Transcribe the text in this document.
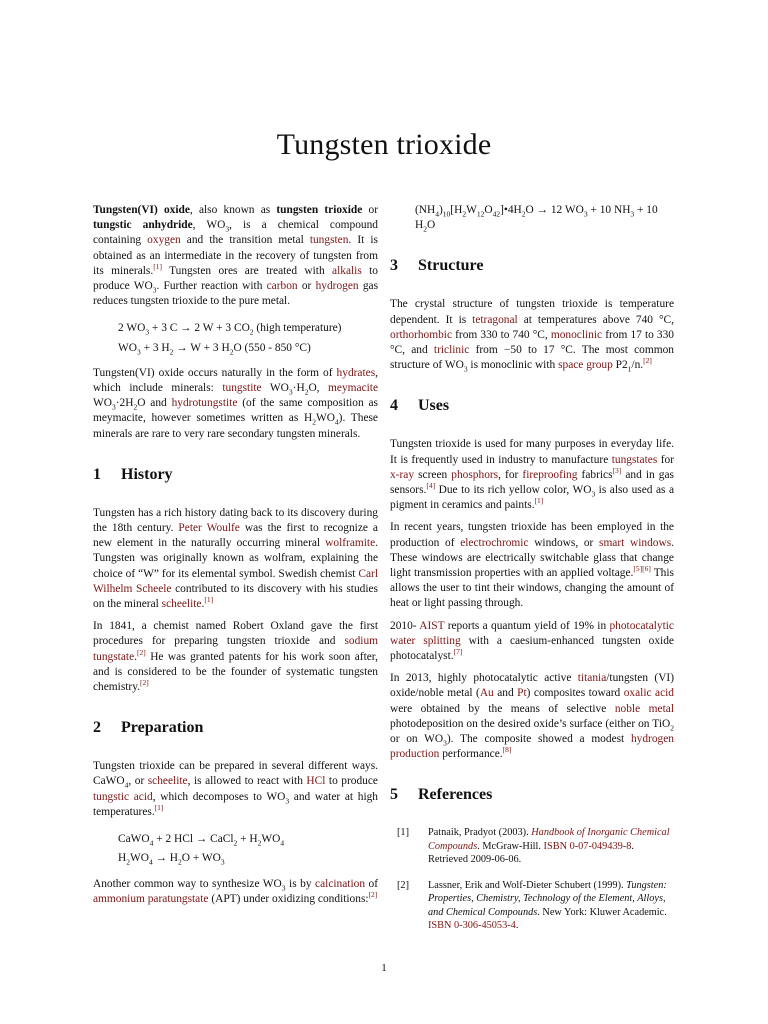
Tungsten trioxide

Tungsten(VI) oxide, also known as tungsten trioxide or tungstic anhydride, $WO_3$, is a chemical compound containing oxygen and the transition metal tungsten. It is obtained as an intermediate in the recovery of tungsten from its minerals.[1] Tungsten ores are treated with alkalis to produce $WO_3$. Further reaction with carbon or hydrogen gas reduces tungsten trioxide to the pure metal.

2 $WO_3 + 3$ C → 2 W + 3 $CO_2$ (high temperature)
$WO_3 + 3$ $H_2 \to W + 3$ $H_2O$ (550 - 850 °C)

Tungsten(VI) oxide occurs naturally in the form of hydrates, which include minerals: tungstite $WO_3\cdot H_2O$, meymacite $WO_3\cdot 2H_2O$ and hydrotungstite (of the same composition as meymacite, however sometimes written as $H_2WO_4$). These minerals are rare to very rare secondary tungsten minerals.

1 History

Tungsten has a rich history dating back to its discovery during the 18th century. Peter Woulfe was the first to recognize a new element in the naturally occurring mineral wolframite. Tungsten was originally known as wolfram, explaining the choice of “W” for its elemental symbol. Swedish chemist Carl Wilhelm Scheele contributed to its discovery with his studies on the mineral scheelite.[1]

In 1841, a chemist named Robert Oxland gave the first procedures for preparing tungsten trioxide and sodium tungstate.[2] He was granted patents for his work soon after, and is considered to be the founder of systematic tungsten chemistry.[2]

2 Preparation

Tungsten trioxide can be prepared in several different ways. CaWO$_4$, or scheelite, is allowed to react with HCl to produce tungstic acid, which decomposes to $WO_3$ and water at high temperatures.[1]

CaWO$_4$ + 2 HCl → CaCl$_2$ + $H_2WO_4$
$H_2WO_4 \to H_2O + WO_3$

Another common way to synthesize $WO_3$ is by calcination of ammonium paratungstate (APT) under oxidizing conditions:[2]

$(NH_4)_{10}[H_2W_{12}O_{42}]•4H_2O \to 12$ $WO_3 + 10$ $NH_3 + 10$ $H_2O$
3 Structure

The crystal structure of tungsten trioxide is temperature dependent. It is tetragonal at temperatures above 740 °C, orthorhombic from 330 to 740 °C, monoclinic from 17 to 330 °C, and triclinic from −50 to 17 °C. The most common structure of $WO_3$ is monoclinic with space group $P2_1/n.[2]$

4 Uses

Tungsten trioxide is used for many purposes in everyday life. It is frequently used in industry to manufacture tungstates for x-ray screen phosphors, for fireproofing fabrics[3] and in gas sensors.[4] Due to its rich yellow color, $WO_3$ is also used as a pigment in ceramics and paints.[1]

In recent years, tungsten trioxide has been employed in the production of electrochromic windows, or smart windows. These windows are electrically switchable glass that change light transmission properties with an applied voltage.[5][6] This allows the user to tint their windows, changing the amount of heat or light passing through.

2010- AIST reports a quantum yield of 19% in photocatalytic water splitting with a caesium-enhanced tungsten oxide photocatalyst.[7]

In 2013, highly photocatalytic active titania/tungsten (VI) oxide/noble metal (Au and Pt) composites toward oxalic acid were obtained by the means of selective noble metal photodeposition on the desired oxide’s surface (either on TiO$_2$ or on $WO_3$). The composite showed a modest hydrogen production performance.[8]

5 References
[1] Patnaik, Pradyot (2003). Handbook of Inorganic Chemical Compounds. McGraw-Hill. ISBN 0-07-049439-8. Retrieved 2009-06-06.
[2] Lassner, Erik and Wolf-Dieter Schubert (1999). Tungsten: Properties, Chemistry, Technology of the Element, Alloys, and Chemical Compounds. New York: Kluwer Academic. ISBN 0-306-45053-4.
1
